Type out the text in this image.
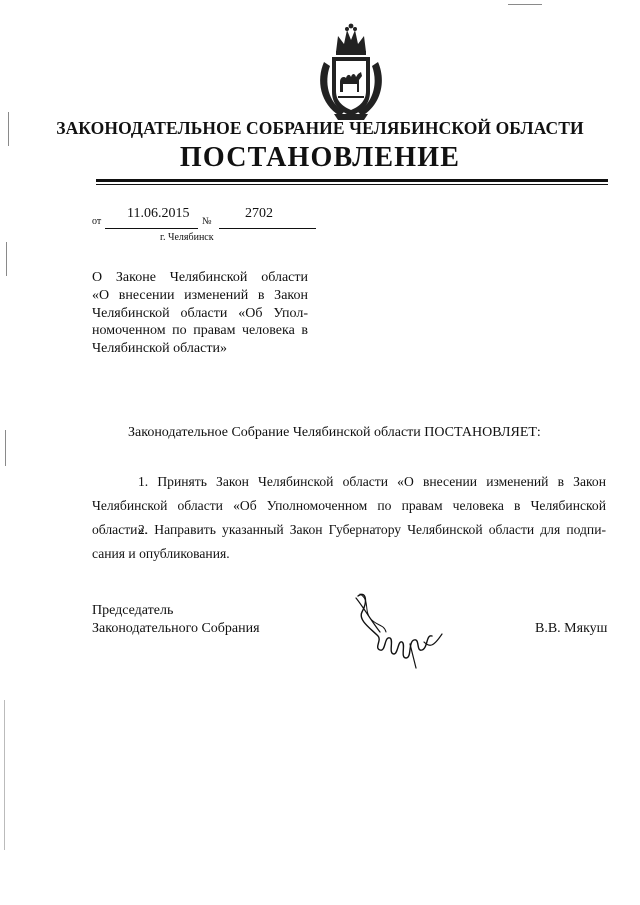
ЗАКОНОДАТЕЛЬНОЕ СОБРАНИЕ ЧЕЛЯБИНСКОЙ ОБЛАСТИ
ПОСТАНОВЛЕНИЕ
от
11.06.2015
№
2702
г. Челябинск
О Законе Челябинской области
«О внесении изменений в Закон
Челябинской области «Об Упол-
номоченном по правам человека в
Челябинской области»
Законодательное Собрание Челябинской области ПОСТАНОВЛЯЕТ:
1. Принять Закон Челябинской области «О внесении изменений в Закон
Челябинской области «Об Уполномоченном по правам человека в Челябинской области».
2. Направить указанный Закон Губернатору Челябинской области для подпи-
сания и опубликования.
Председатель
Законодательного Собрания	В.В. Мякуш
